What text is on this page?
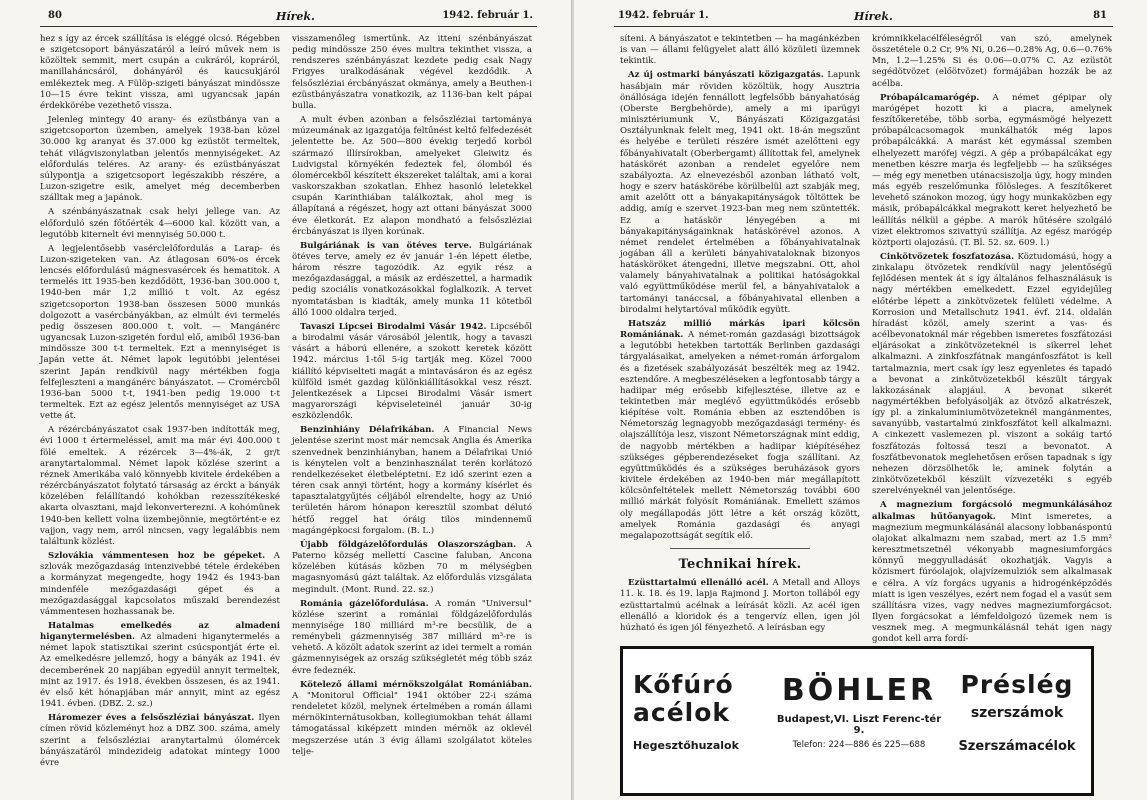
80	Hírek.	1942. február 1.

hez s így az ércek szállítása is eléggé olcsó. Régebben e szigetcsoport bányászatáról a leíró művek nem is közöltek semmit, mert csupán a cukráról, kopráról, manillaháncsáról, dohányáról és kaucsukjáról emlékeztek meg. A Fülöp-szigeti bányászat mindössze 10—15 évre tekint vissza, ami ugyancsak japán érdekkörébe vezethető vissza.

Jelenleg mintegy 40 arany- és ezüstbánya van a szigetcsoporton üzemben, amelyek 1938-ban közel 30.000 kg aranyat és 37.000 kg ezüstöt termeltek, tehát világviszonylatban jelentős mennyiségeket. Az előfordulás teléres. Az arany- és ezüstbányászat súlypontja a szigetcsoport legészakibb részére, a Luzon-szigetre esik, amelyet még decemberben szálltak meg a japánok.

A szénbányászatnak csak helyi jellege van. Az előforduló szén főtőérték 4—6000 kal. között van, a legutóbb kiternelt évi mennyiség 50.000 t.

A legjelentősebb vasérclelőfordulás a Larap- és Luzon-szigeteken van. Az átlagosan 60%-os ércek lencsés előfordulású mágnesvasércek és hematitok. A termelés itt 1935-ben kezdődött, 1936-ban 300.000 t, 1940-ben már 1,2 millió t volt. Az egész szigetcsoporton 1938-ban összesen 5000 munkás dolgozott a vasércbányákban, az elmúlt évi termelés pedig összesen 800.000 t. volt. — Mangánérc ugyancsak Luzon-szigetén fordul elő, amiből 1936-ban mindössze 300 t-t termeltek. Ezt a mennyiséget is Japán vette át. Német lapok legutóbbi jelentései szerint Japán rendkívül nagy mértékben fogja felfejleszteni a mangánérc bányászatot. — Cromércből 1936-ban 5000 t-t, 1941-ben pedig 19.000 t-t termeltek. Ezt az egész jelentős mennyiséget az USA vette át.

A rézércbányászatot csak 1937-ben indították meg, évi 1000 t értermeléssel, amit ma már évi 400.000 t fölé emeltek. A rézércek 3—4%-ák, 2 gr/t aranytartalommal. Német lapok közlése szerint a réznek Amerikába való könnyebb kivitele érdekében a rézércbányászatot folytató társaság az érckt a bányák közelében felállítandó kohókban rezesszítékeské akarta olvasztani, majd lekonverterezni. A kohómünek 1940-ben kellett volna üzembejönnie, megtörtént-e ez vajjon, vagy nem, arról nincsen, vagy legalábbis nem találtunk közlést.

Szlovákia vámmentesen hoz be gépeket. A szlovák mezőgazdaság intenzivebbé tétele érdekében a kormányzat megengedte, hogy 1942 és 1943-ban mindenféle mezőgazdasági gépet és a mezőgazdasággal kapcsolatos műszaki berendezést vámmentesen hozhassanak be.

Hatalmas emelkedés az almadeni higanytermelésben. Az almadeni higanytermelés a német lapok statisztikai szerint csúcspontját érte el. Az emelkedésre jellemző, hogy a bányák az 1941. év decemberének 20 napjában egyedül annyit termeltek, mint az 1917. és 1918. években összesen, és az 1941. év első két hónapjában már annyit, mint az egész 1941. évben. (DBZ. 2. sz.)

Háromezer éves a felsőszléziai bányászat. Ilyen címen rövid közleményt hoz a DBZ 300. száma, amely szerint a felsőszléziai aranytartalmú ólomércek bányászatáról mindezideig adatokat mintegy 1000 évre

visszamenőleg ismertünk. Az itteni szénbányászat pedig mindössze 250 éves multra tekinthet vissza, a rendszeres szénbányászat kezdete pedig csak Nagy Frigyes uralkodásának végével kezdődik. A felsőszléziai ércbányászat okmánya, amely a Beuthen-i ezüstbányászatra vonatkozik, az 1136-ban kelt pápai bulla.

A mult évben azonban a felsőszléziai tartománya múzeumának az igazgatója feltűnést keltő felfedezését jelentette be. Az 500—800 évekig terjedő korból származó illírsírokban, amelyeket Gleiwitz és Ludvigstal környékén fedeztek fel, ólomból és ólomércekből készített ékszereket találtak, ami a korai vaskorszakban szokatlan. Ehhez hasonló leletekkel csupán Karinthiában találkoztak, ahol meg is állapítaná a régészet, hogy azt ottani bányászat 3000 éve életkorát. Ez alapon mondható a felsőszléziai ércbányászat is ilyen korúnak.

Bulgáriának is van ötéves terve. Bulgáriának ötéves terve, amely ez év január 1-én lépett életbe, három részre tagozódik. Az egyik rész a mezőgazdasággal, a másik az erdészettel, a harmadik pedig szociális vonatkozásokkal foglalkozik. A tervet nyomtatásban is kiadták, amely munka 11 kötetből álló 1000 oldalra terjed.

Tavaszi Lipcsei Birodalmi Vásár 1942. Lipcséből a birodalmi vásár városából jelentik, hogy a tavaszi vásárt a háború ellenére, a szokott keretek között 1942. március 1-től 5-ig tartják meg. Közel 7000 kiállító képviselteti magát a mintavásáron és az egész külföld ismét gazdag különkiállításokkal vesz részt. Jelentkezések a Lipcsei Birodalmi Vásár ismert magyarországi képviseleteinél január 30-ig eszközlendők.

Benzinhiány Délafrikában. A Financial News jelentése szerint most már nemcsak Anglia és Amerika szenvednek benzinhiányban, hanem a Délafrikai Unió is kénytelen volt a benzinhasználat terén korlátozó rendelkezéseket életbeléptetni. Ez idő szerint ezen a téren csak annyi történt, hogy a kormány kísérlet és tapasztalatgyűjtés céljából elrendelte, hogy az Unió területén három hónapon keresztül szombat délutó hétfő reggel hat óráig tilos mindennemű magángépkocsi forgalom. (B. L.)

Újabb földgázelőfordulás Olaszországban. A Paterno község mellettí Cascine faluban, Ancona közelében kútásás közben 70 m mélységben magasnyomású gázt találtak. Az előfordulás vizsgálata megindult. (Mont. Rund. 22. sz.)

Románia gázelőfordulása. A román "Universul" közlése szerint a romániai földgázelőfordulás mennyisége 180 milliárd m³-re becsülik, de a reménybeli gázmennyiség 387 milliárd m³-re is vehető. A közölt adatok szerint az idei termelt a román gázmennyiségek az ország szükségletét még több száz évre fedeznék.

Kötelező állami mérnökszolgálat Romániában. A "Monitorul Official" 1941 október 22-i száma rendeletet közöl, melynek értelmében a román állami mérnökinternátusokban, kollegiumokban tehát állami támogatással kiképzett minden mérnök az oklevél megszerzése után 3 évig állami szolgálatot köteles telje-

1942. február 1.	Hírek.	81

síteni. A bányászatot e tekintetben — ha magánkézben is van — állami felügyelet alatt álló közületi üzemnek tekintik.

Az új ostmarki bányászati közigazgatás. Lapunk hasábjain már röviden közöltük, hogy Ausztria önállósága idején fennállott legfelsőbb bányahatóság (Oberste Bergbehörde), amely a mi iparügyi minisztériumunk V., Bányászati Közigazgatási Osztályunknak felelt meg, 1941 okt. 18-án megszűnt és helyébe e területi részére ismét azelőtteni egy főbányahivatalt (Oberbergamt) állítottak fel, amelynek hatáskörét azonban a rendelet egyelőre nem szabályozta. Az elnevezésből azonban látható volt, hogy e szerv hatáskörébe körülbelül azt szabják meg, amit azelőtt ott a bányakapitányságok töltöttek be addig, amíg e szervet 1923-ban meg nem szüntették. Ez a hatáskör lényegében a mi bányakapitányságainknak hatáskörével azonos. A német rendelet értelmében a főbányahivatalnak jogában áll a kerületi bányahivataloknak bizonyos hatásköröket átengedni, illetve megszabni. Ott, ahol valamely bányahivatalnak a politikai hatóságokkal való együttműködése merül fel, a bányahivatalok a tartományi tanáccsal, a főbányahivatal ellenben a birodalmi helytartóval működik együtt.

Hatszáz millió márkás ipari kölcsön Romániának. A német-román gazdasági bizottságok a legutóbbi hetekben tartották Berlinben gazdasági tárgyalásaikat, amelyeken a német-román árforgalom és a fizetések szabályozását beszélték meg az 1942. esztendőre. A megbeszéléseken a legfontosabb tárgy a hadiipar még erősebb kifejlesztése, illetve az e tekintetben már meglévő együttműködés erősebb kiépítése volt. Románia ebben az esztendőben is Németország legnagyobb mezőgazdasági termény- és olajszállítója lesz, viszont Németországnak mint eddig, de nagyobb mértékben a hadiipar kiépítéséhez szükséges gépberendezéseket fogja szállítani. Az együttműködés és a szükséges beruházások gyors kivitele érdekében az 1940-ben már megállapított kölcsönfeltételek mellett Németország további 600 millió márkát folyósít Romániának. Emellett számos oly megállapodás jött létre a két ország között, amelyek Románia gazdasági és anyagi megalapozottságát segítik elő.

Technikai hírek.

Ezüsttartalmú ellenálló acél. A Metall and Alloys 11. k. 18. és 19. lapja Rajmond J. Morton tollából egy ezüsttartalmú acélnak a leírását közli. Az acél igen ellenálló a kloridok és a tengervíz ellen, igen jól húzható és igen jól fényezhető. A leírásban egy

krómnikkelacélféleségről van szó, amelynek összetétele 0.2 Cr, 9% Ni, 0.26—0.28% Ag, 0.6—0.76% Mn, 1.2—1.25% Si és 0.06—0.07% C. Az ezüstöt segédötvözet (előötvözet) formájában hozzák be az acélba.

Próbapálcamarógép. A német gépipar oly marógépet hozott ki a piacra, amelynek feszítőkeretébe, több sorba, egymásmögé helyezett próbapálcacsomagok munkálhatók még lapos próbapálcákká. A marást két egymással szemben elhelyezett marófej végzi. A gép a próbapálcákat egy menetben készre marja és legfeljebb — ha szükséges — még egy menetben utánacsiszolja úgy, hogy minden más egyéb reszelőmunka fölösleges. A feszítőkeret levehető szánokon mozog, úgy hogy munkaközben egy másik, próbapálcákkal megrakott keret helyezhető be leállítás nélkül a gépbe. A marók hűtésére szolgáló vizet elektromos szivattyú szállítja. Az egész marógép köztporti olajozású. (T. Bl. 52. sz. 609. l.)

Cinkötvözetek foszfatozása. Köztudomású, hogy a zinkalapu ötvözetek rendkívül nagy jelentőségű fejlődésen mentek át s így általános felhasználásuk is nagy mértékben emelkedett. Ezzel egyidejűleg előtérbe lépett a zinkötvözetek felületi védelme. A Korrosion und Metallschutz 1941. évf. 214. oldalán híradást közöl, amely szerint a vas- és acélbevonatoknál már régebben ismeretes foszfátozási eljárásokat a zinkötvözeteknél is sikerrel lehet alkalmazni. A zinkfoszfátnak mangánfoszfátot is kell tartalmaznia, mert csak így lesz egyenletes és tapadó a bevonat a zinkötvözetekből készült tárgyak lakkozásának alapjául. A bevonat sikerét nagymértékben befolyásolják az ötvöző alkatrészek, így pl. a zinkaluminiumötvözeteknél mangánmentes, savanyúbb, vastartalmú zinkfoszfátot kell alkalmazni. A cinkezett vaslemezen pl. viszont a sokáig tartó foszfátozás foltossá teszi a bevonatot. A foszfátbevonatok meglehetősen erősen tapadnak s így nehezen dörzsölhetők le, aminek folytán a zinkötvözetekből készült vízvezetéki s egyéb szerelvényeknél van jelentősége.

A magnezium forgácsoló megmunkálásához alkalmas hűtőanyagok. Mint ismeretes, a magnezium megmunkálásánál alacsony lobbanáspontú olajokat alkalmaznı nem szabad, mert az 1.5 mm² keresztmetszetnél vékonyabb magnesiumforgács könnyű meggyulladását okozhatják. Vagyis a közismert fúróolajok, olajvízemulziók sem alkalmasak e célra. A víz forgács ugyanis a hidrogénképződés miatt is igen veszélyes, ezért nem fogad el a vasút sem szállításra vizes, vagy nedves magneziumforgácsot. Ilyen forgácsokat a lémfeldolgozó üzemek nem is vesznek meg. A megmunkálásnál tehát igen nagy gondot kell arra fordí-

Kőfúró
acélok
Hegesztőhuzalok
BÖHLER
Budapest,VI. Liszt Ferenc-tér 9.
Telefon: 224—886 és 225—688
Préslég
szerszámok
Szerszámacélok
